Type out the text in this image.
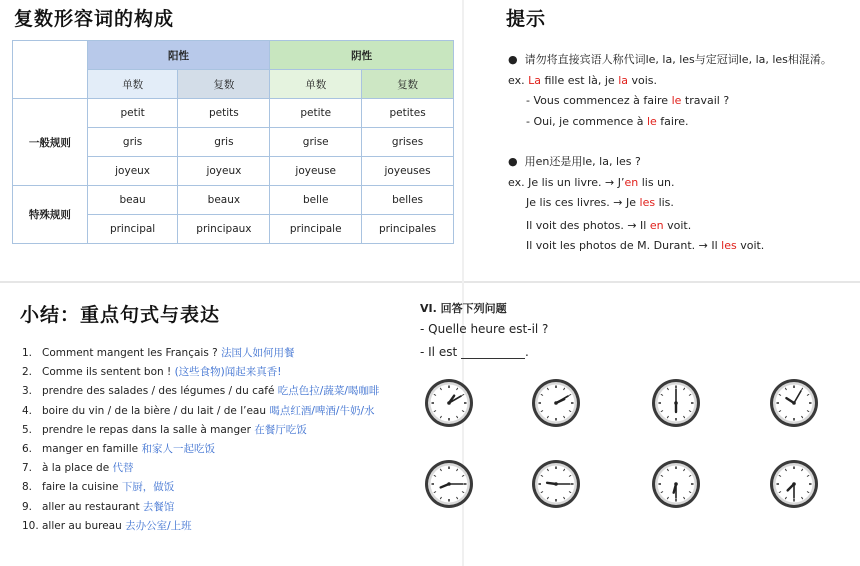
复数形容词的构成
	阳性		阴性	
	单数	复数	单数	复数
一般规则	petit	petits	petite	petites
	gris	gris	grise	grises
	joyeux	joyeux	joyeuse	joyeuses
特殊规则	beau	beaux	belle	belles
	principal	principaux	principale	principales
提示
●  请勿将直接宾语人称代词le, la, les与定冠词le, la, les相混淆。
ex. La fille est là, je la vois.
- Vous commencez à faire le travail ?
- Oui, je commence à le faire.
●  用en还是用le, la, les ?
ex. Je lis un livre. → J’en lis un.
Je lis ces livres. → Je les lis.
Il voit des photos. → Il en voit.
Il voit les photos de M. Durant. → Il les voit.
小结：重点句式与表达
1. Comment mangent les Français ? 法国人如何用餐
2. Comme ils sentent bon ! (这些食物)闻起来真香!
3. prendre des salades / des légumes / du café 吃点色拉/蔬菜/喝咖啡
4. boire du vin / de la bière / du lait / de l’eau 喝点红酒/啤酒/牛奶/水
5. prendre le repas dans la salle à manger 在餐厅吃饭
6. manger en famille 和家人一起吃饭
7. à la place de 代替
8. faire la cuisine 下厨，做饭
9. aller au restaurant 去餐馆
10. aller au bureau 去办公室/上班
VI. 回答下列问题
- Quelle heure est-il ?
- Il est	.
